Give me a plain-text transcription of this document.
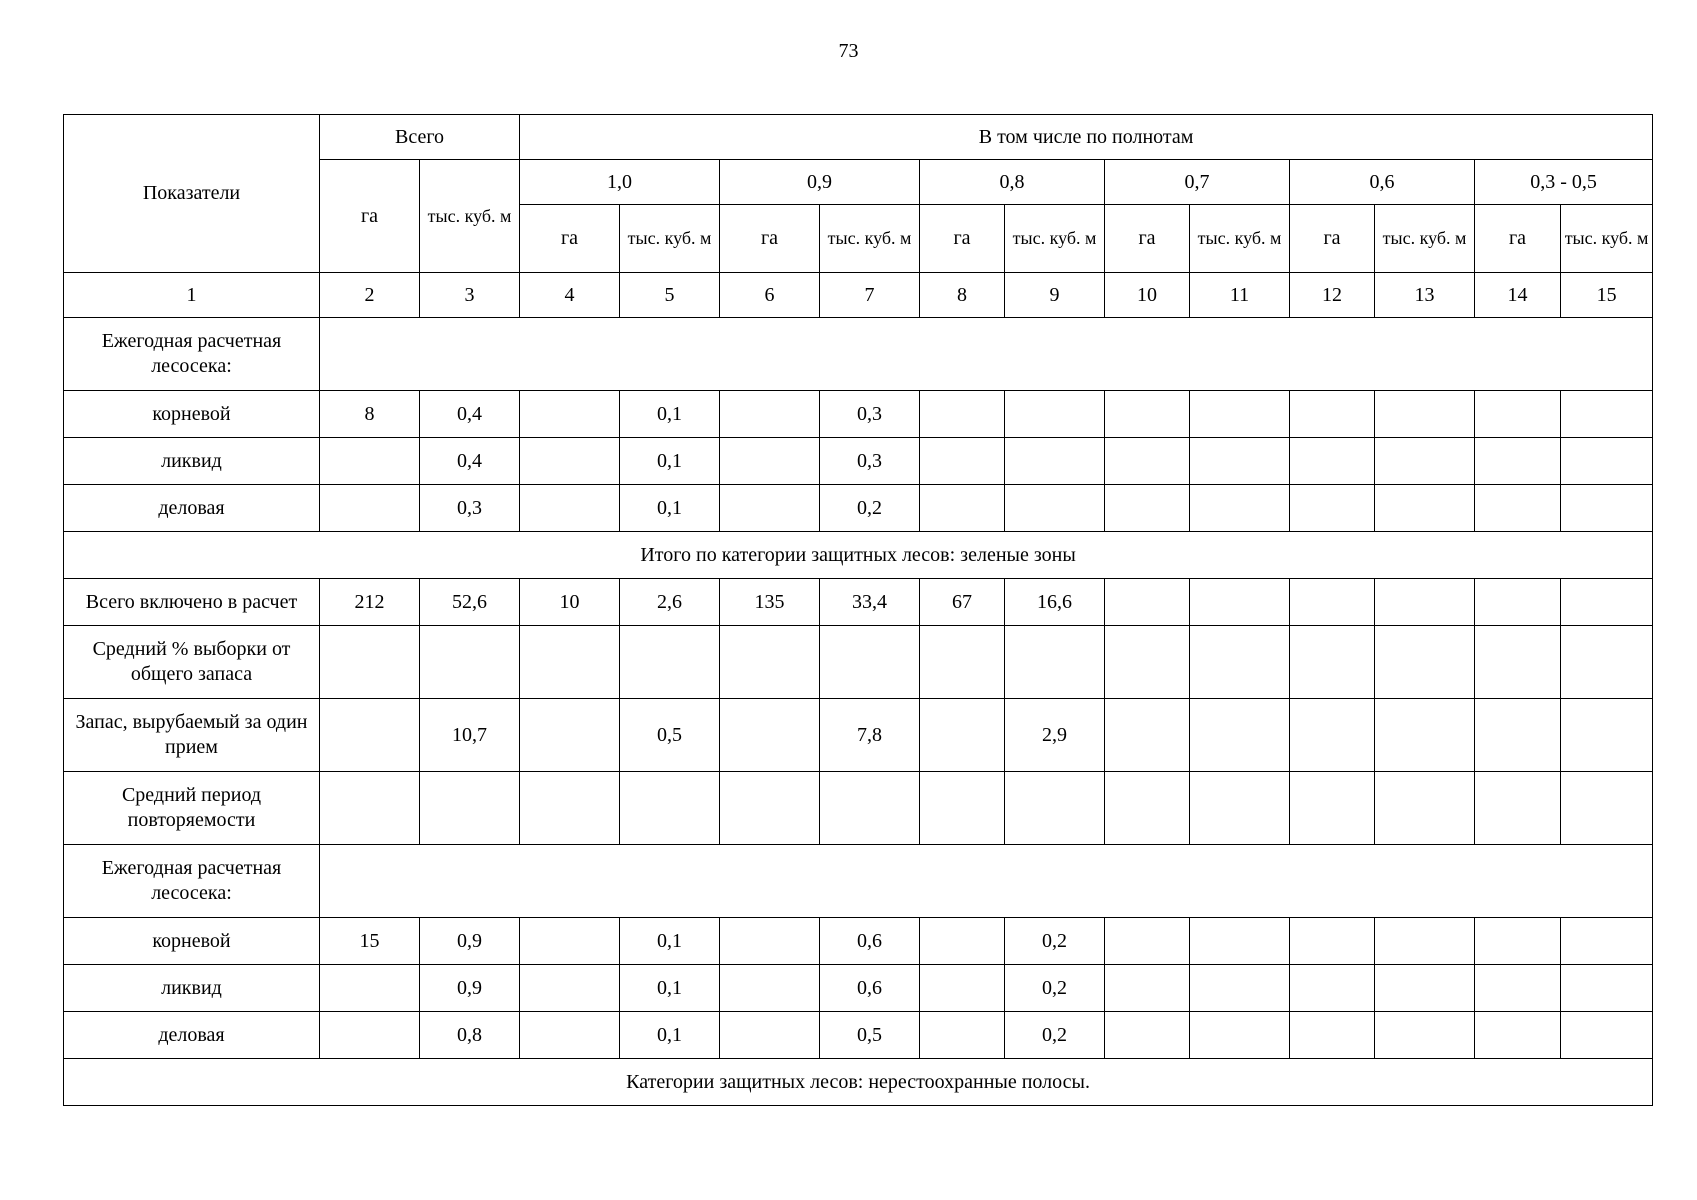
73
Показатели	Всего		В том числе по полнотам											
	га	тыс. куб. м	1,0		0,9		0,8		0,7		0,6		0,3 - 0,5	
			га	тыс. куб. м	га	тыс. куб. м	га	тыс. куб. м	га	тыс. куб. м	га	тыс. куб. м	га	тыс. куб. м
1	2	3	4	5	6	7	8	9	10	11	12	13	14	15
Ежегодная расчетная лесосека:														
корневой	8	0,4		0,1		0,3								
ликвид		0,4		0,1		0,3								
деловая		0,3		0,1		0,2								
Итого по категории защитных лесов: зеленые зоны														
Всего включено в расчет	212	52,6	10	2,6	135	33,4	67	16,6						
Средний % выборки от общего запаса														
Запас, вырубаемый за один прием		10,7		0,5		7,8		2,9						
Средний период повторяемости														
Ежегодная расчетная лесосека:														
корневой	15	0,9		0,1		0,6		0,2						
ликвид		0,9		0,1		0,6		0,2						
деловая		0,8		0,1		0,5		0,2						
Категории защитных лесов: нерестоохранные полосы.														
